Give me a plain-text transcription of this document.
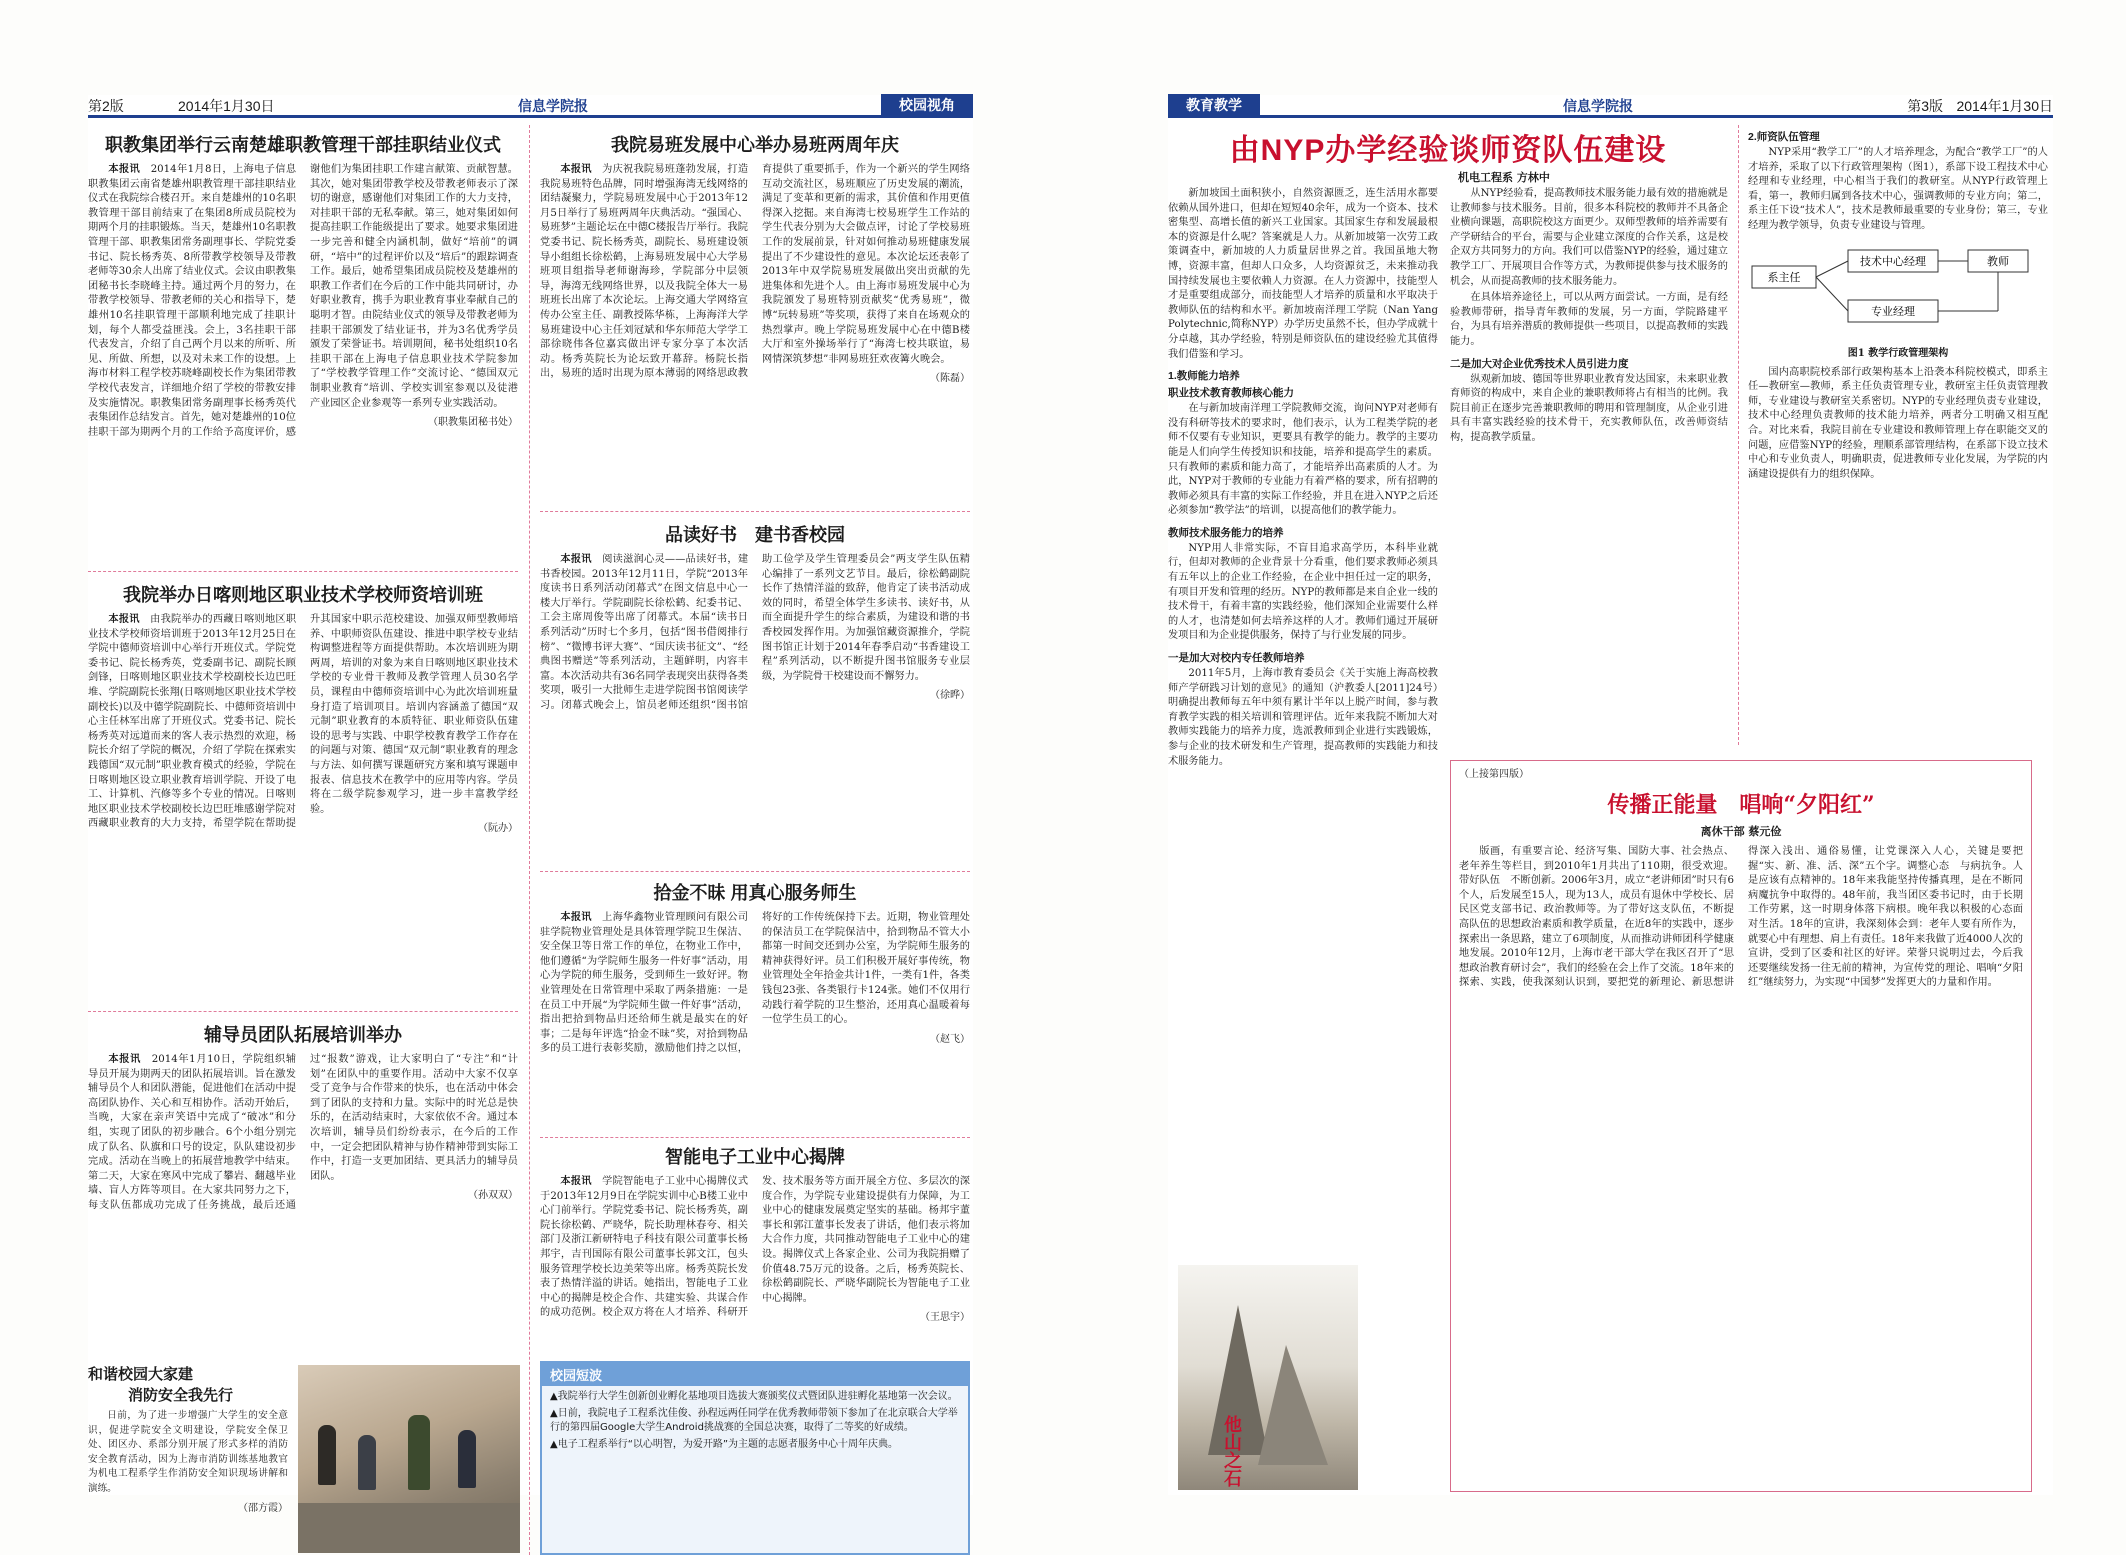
第2版	2014年1月30日	信息学院报	校园视角
职教集团举行云南楚雄职教管理干部挂职结业仪式

本报讯　 2014年1月8日，上海电子信息职教集团云南省楚雄州职教管理干部挂职结业仪式在我院综合楼召开。来自楚雄州的10名职教管理干部目前结束了在集团8所成员院校为期两个月的挂职锻炼。当天，楚雄州10名职教管理干部、职教集团常务副理事长、学院党委书记、院长杨秀英、8所带教学校领导及带教老师等30余人出席了结业仪式。会议由职教集团秘书长李晓峰主持。通过两个月的努力，在带教学校领导、带教老师的关心和指导下，楚雄州10名挂职管理干部顺利地完成了挂职计划，每个人都受益匪浅。会上，3名挂职干部代表发言，介绍了自己两个月以来的所听、所见、所做、所想，以及对未来工作的设想。上海市材料工程学校苏晓峰副校长作为集团带教学校代表发言，详细地介绍了学校的带教安排及实施情况。职教集团常务副理事长杨秀英代表集团作总结发言。首先，她对楚雄州的10位挂职干部为期两个月的工作给予高度评价，感谢他们为集团挂职工作建言献策、贡献智慧。其次，她对集团带教学校及带教老师表示了深切的谢意，感谢他们对集团工作的大力支持，对挂职干部的无私奉献。第三，她对集团如何提高挂职工作能级提出了要求。她要求集团进一步完善和健全内涵机制，做好“培前”的调研，“培中”的过程评价以及“培后”的跟踪调查工作。最后，她希望集团成员院校及楚雄州的职教工作者们在今后的工作中能共同研讨，办好职业教育，携手为职业教育事业奉献自己的聪明才智。由院结业仪式的领导及带教老师为挂职干部颁发了结业证书，并为3名优秀学员颁发了荣誉证书。培训期间，秘书处组织10名挂职干部在上海电子信息职业技术学院参加了“学校教学管理工作”交流讨论、“德国双元制职业教育”培训、学校实训室参观以及徒港产业园区企业参观等一系列专业实践活动。

（职教集团秘书处）

我院举办日喀则地区职业技术学校师资培训班

本报讯　 由我院举办的西藏日喀则地区职业技术学校师资培训班于2013年12月25日在学院中德师资培训中心举行开班仪式。学院党委书记、院长杨秀英，党委副书记、副院长顾剑锋，日喀则地区职业技术学校副校长边巴旺堆、学院副院长张翔(日喀则地区职业技术学校副校长)以及中德学院副院长、中德师资培训中心主任林军出席了开班仪式。党委书记、院长杨秀英对远道而来的客人表示热烈的欢迎，杨院长介绍了学院的概况，介绍了学院在探索实践德国“双元制”职业教育模式的经验，学院在日喀则地区设立职业教育培训学院、开设了电工、计算机、汽修等多个专业的情况。日喀则地区职业技术学校副校长边巴旺堆感谢学院对西藏职业教育的大力支持，希望学院在帮助提升其国家中职示范校建设、加强双师型教师培养、中职师资队伍建设、推进中职学校专业结构调整进程等方面提供帮助。本次培训班为期两周，培训的对象为来自日喀则地区职业技术学校的专业骨干教师及教学管理人员30名学员，课程由中德师资培训中心为此次培训班量身打造了培训项目。培训内容涵盖了德国“双元制”职业教育的本质特征、职业师资队伍建设的思考与实践、中职学校教育教学工作存在的问题与对策、德国“双元制”职业教育的理念与方法、如何撰写课题研究方案和填写课题申报表、信息技术在教学中的应用等内容。学员将在二级学院参观学习，进一步丰富教学经验。

（阮办）

辅导员团队拓展培训举办

本报讯　 2014年1月10日，学院组织辅导员开展为期两天的团队拓展培训。旨在激发辅导员个人和团队潜能，促进他们在活动中提高团队协作、关心和互相协作。活动开始后，当晚，大家在亲声笑语中完成了“破冰”和分组，实现了团队的初步融合。6个小组分别完成了队名、队旗和口号的设定，队队建设初步完成。活动在当晚上的拓展营地教学中结束。第二天，大家在寒风中完成了攀岩、翻越毕业墙、盲人方阵等项目。在大家共同努力之下，每支队伍都成功完成了任务挑战，最后还通过“报数”游戏，让大家明白了“专注”和“计划”在团队中的重要作用。活动中大家不仅享受了竞争与合作带来的快乐，也在活动中体会到了团队的支持和力量。实际中的时光总是快乐的，在活动结束时，大家依依不舍。通过本次培训，辅导员们纷纷表示，在今后的工作中，一定会把团队精神与协作精神带到实际工作中，打造一支更加团结、更具活力的辅导员团队。

（孙双双）

和谐校园大家建
消防安全我先行

日前，为了进一步增强广大学生的安全意识，促进学院安全文明建设，学院安全保卫处、团区办、系部分别开展了形式多样的消防安全教育活动，因为上海市消防训练基地教官为机电工程系学生作消防安全知识现场讲解和演练。

（邵方霞）

我院易班发展中心举办易班两周年庆

本报讯　 为庆祝我院易班蓬勃发展，打造我院易班特色品牌，同时增强海湾无线网络的团结凝聚力，学院易班发展中心于2013年12月5日举行了易班两周年庆典活动。“强国心、易班梦”主题论坛在中德C楼报告厅举行。我院党委书记、院长杨秀英，副院长、易班建设领导小组组长徐松鹤，上海易班发展中心大学易班项目组指导老师谢海珍，学院部分中层领导，海湾无线网络世界，以及我院全体大一易班班长出席了本次论坛。上海交通大学网络宣传办公室主任、副教授陈华栋，上海海洋大学易班建设中心主任刘冠斌和华东师范大学学工部徐晓伟各位嘉宾做出评专家分享了本次活动。杨秀英院长为论坛致开幕辞。杨院长指出，易班的适时出现为原本薄弱的网络思政教育提供了重要抓手，作为一个新兴的学生网络互动交流社区，易班顺应了历史发展的潮流，满足了变革和更新的需求，其价值和作用更值得深入挖掘。来自海湾七校易班学生工作站的学生代表分别为大会做点评，讨论了学校易班工作的发展前景，针对如何推动易班健康发展提出了不少建设性的意见。本次论坛还表彰了2013年中双学院易班发展做出突出贡献的先进集体和先进个人。由上海市易班发展中心为我院颁发了易班特别贡献奖“优秀易班”，微博“玩转易班”等奖项，获得了来自在场观众的热烈掌声。晚上学院易班发展中心在中德B楼大厅和室外操场举行了“海湾七校共联谊，易网情深筑梦想”非网易班狂欢夜篝火晚会。

（陈磊）

品读好书　建书香校园

本报讯　 阅读滋润心灵——品读好书，建书香校园。2013年12月11日，学院“2013年度读书日系列活动闭幕式”在图文信息中心一楼大厅举行。学院副院长徐松鹤、纪委书记、工会主席周俊等出席了闭幕式。本届“读书日系列活动”历时七个多月，包括“图书借阅排行榜”、“微博书评大赛”、“国庆读书征文”、“经典图书赠送”等系列活动，主题鲜明，内容丰富。本次活动共有36名同学表现突出获得各类奖项，吸引一大批师生走进学院图书馆阅读学习。闭幕式晚会上，馆员老师还组织“图书馆助工俭学及学生管理委员会”两支学生队伍精心编排了一系列文艺节目。最后，徐松鹤副院长作了热情洋溢的致辞，他肯定了读书活动成效的同时，希望全体学生多读书、读好书，从而全面提升学生的综合素质，为建设和谐的书香校园发挥作用。为加强馆藏资源推介，学院图书馆正计划于2014年春季启动“书香建设工程”系列活动，以不断提升图书馆服务专业层级，为学院骨干校建设而不懈努力。

（徐晔）

拾金不昧 用真心服务师生

本报讯　 上海华鑫物业管理顾问有限公司驻学院物业管理处是具体管理学院卫生保洁、安全保卫等日常工作的单位，在物业工作中，他们遵循“为学院师生服务一件好事”活动，用心为学院的师生服务，受到师生一致好评。物业管理处在日常管理中采取了两条措施：一是在员工中开展“为学院师生做一件好事”活动，指出把拾到物品归还给师生就是最实在的好事；二是每年评选“拾金不昧”奖，对拾到物品多的员工进行表彰奖励，激励他们持之以恒，将好的工作传统保持下去。近期，物业管理处的保洁员工在学院保洁中，拾到物品不管大小都第一时间交还到办公室，为学院师生服务的精神获得好评。员工们积极开展好事传统，物业管理处全年拾金共计1件，一类有1件，各类钱包23张、各类银行卡124张。她们不仅用行动践行着学院的卫生整治，还用真心温暖着每一位学生员工的心。

（赵飞）

智能电子工业中心揭牌

本报讯　 学院智能电子工业中心揭牌仪式于2013年12月9日在学院实训中心B楼工业中心门前举行。学院党委书记、院长杨秀英，副院长徐松鹤、严晓华，院长助理林春夸、相关部门及浙江新研特电子科技有限公司董事长杨邦宇，吉刊国际有限公司董事长郭文江，包头服务管理学校长边美荣等出席。杨秀英院长发表了热情洋溢的讲话。她指出，智能电子工业中心的揭牌是校企合作、共建实验、共谋合作的成功范例。校企双方将在人才培养、科研开发、技术服务等方面开展全方位、多层次的深度合作，为学院专业建设提供有力保障，为工业中心的健康发展奠定坚实的基础。杨邦宇董事长和郭江董事长发表了讲话，他们表示将加大合作力度，共同推动智能电子工业中心的建设。揭牌仪式上各家企业、公司为我院捐赠了价值48.75万元的设备。之后，杨秀英院长、徐松鹤副院长、严晓华副院长为智能电子工业中心揭牌。

（王思宇）

校园短波

▲我院举行大学生创新创业孵化基地项目选拔大赛颁奖仪式暨团队进驻孵化基地第一次会议。

▲日前，我院电子工程系沈佳俊、孙程远两任同学在优秀教师带领下参加了在北京联合大学举行的第四届Google大学生Android挑战赛的全国总决赛，取得了二等奖的好成绩。

▲电子工程系举行“以心明智，为爱开路”为主题的志愿者服务中心十周年庆典。

教育教学	信息学院报	第3版 2014年1月30日
由NYP办学经验谈师资队伍建设
机电工程系 方林中

新加坡国土面积狭小，自然资源匮乏，连生活用水都要依赖从国外进口，但却在短短40余年，成为一个资本、技术密集型、高增长值的新兴工业国家。其国家生存和发展最根本的资源是什么呢？答案就是人力。从新加坡第一次劳工政策调查中，新加坡的人力质量居世界之首。我国虽地大物博，资源丰富，但却人口众多，人均资源贫乏，未来推动我国持续发展也主要依赖人力资源。在人力资源中，技能型人才是重要组成部分，而技能型人才培养的质量和水平取决于教师队伍的结构和水平。新加坡南洋理工学院（Nan Yang Polytechnic,简称NYP）办学历史虽然不长，但办学成就十分卓越，其办学经验，特别是师资队伍的建设经验尤其值得我们借鉴和学习。

1.教师能力培养
职业技术教育教师核心能力

在与新加坡南洋理工学院教师交流，询问NYP对老师有没有科研等技术的要求时，他们表示，认为工程类学院的老师不仅要有专业知识，更要具有教学的能力。教学的主要功能是人们向学生传授知识和技能，培养和提高学生的素质。只有教师的素质和能力高了，才能培养出高素质的人才。为此，NYP对于教师的专业能力有着严格的要求，所有招聘的教师必须具有丰富的实际工作经验，并且在进入NYP之后还必须参加“教学法”的培训，以提高他们的教学能力。

教师技术服务能力的培养

NYP用人非常实际，不盲目追求高学历，本科毕业就行，但却对教师的企业背景十分看重，他们要求教师必须具有五年以上的企业工作经验，在企业中担任过一定的职务，有项目开发和管理的经历。NYP的教师都是来自企业一线的技术骨干，有着丰富的实践经验，他们深知企业需要什么样的人才，也清楚如何去培养这样的人才。教师们通过开展研发项目和为企业提供服务，保持了与行业发展的同步。

一是加大对校内专任教师培养

2011年5月，上海市教育委员会《关于实施上海高校教师产学研践习计划的意见》的通知（沪教委人[2011]24号）明确提出教师每五年中须有累计半年以上脱产时间，参与教育教学实践的相关培训和管理评估。近年来我院不断加大对教师实践能力的培养力度，选派教师到企业进行实践锻炼，参与企业的技术研发和生产管理，提高教师的实践能力和技术服务能力。

从NYP经验看，提高教师技术服务能力最有效的措施就是让教师参与技术服务。目前，很多本科院校的教师并不具备企业横向课题，高职院校这方面更少。双师型教师的培养需要有产学研结合的平台，需要与企业建立深度的合作关系，这是校企双方共同努力的方向。我们可以借鉴NYP的经验，通过建立教学工厂、开展项目合作等方式，为教师提供参与技术服务的机会，从而提高教师的技术服务能力。

在具体培养途径上，可以从两方面尝试。一方面，是有经验教师带研，指导青年教师的发展，另一方面，学院路建平台，为具有培养潜质的教师提供一些项目，以提高教师的实践能力。

二是加大对企业优秀技术人员引进力度

纵观新加坡、德国等世界职业教育发达国家，未来职业教育师资的构成中，来自企业的兼职教师将占有相当的比例。我院目前正在逐步完善兼职教师的聘用和管理制度，从企业引进具有丰富实践经验的技术骨干，充实教师队伍，改善师资结构，提高教学质量。

他山之石
（上接第四版）
传播正能量　唱响“夕阳红”
离休干部 蔡元俭

版画，有重要言论、经济写集、国防大事、社会热点、老年养生等栏目，到2010年1月共出了110期，很受欢迎。带好队伍　不断创新。2006年3月，成立“老讲师团”时只有6个人，后发展至15人，现为13人，成员有退休中学校长、居民区党支部书记、政治教师等。为了带好这支队伍，不断提高队伍的思想政治素质和教学质量，在近8年的实践中，逐步探索出一条思路，建立了6项制度，从而推动讲师团科学健康地发展。2010年12月，上海市老干部大学在我区召开了“思想政治教育研讨会”，我们的经验在会上作了交流。18年来的探索、实践，使我深刻认识到，要把党的新理论、新思想讲得深入浅出、通俗易懂，让党课深入人心，关键是要把握“实、新、准、活、深”五个字。调整心态　与病抗争。人是应该有点精神的。18年来我能坚持传播真理，是在不断同病魔抗争中取得的。48年前，我当团区委书记时，由于长期工作劳累，这一时期身体落下病根。晚年我以积极的心态面对生活。18年的宣讲，我深刻体会到：老年人要有所作为，就要心中有理想、肩上有责任。18年来我做了近4000人次的宣讲，受到了区委和社区的好评。荣誉只说明过去，今后我还要继续发扬一往无前的精神，为宣传党的理论、唱响“夕阳红”继续努力，为实现“中国梦”发挥更大的力量和作用。

2.师资队伍管理

NYP采用“教学工厂”的人才培养理念，为配合“教学工厂”的人才培养，采取了以下行政管理架构（图1），系部下设工程技术中心经理和专业经理，中心相当于我们的教研室。从NYP行政管理上看，第一，教师归属到各技术中心，强调教师的专业方向；第二，系主任下设“技术人”，技术是教师最重要的专业身份；第三，专业经理为教学领导，负责专业建设与管理。

系主任
技术中心经理	教师
专业经理
图1 教学行政管理架构

国内高职院校系部行政架构基本上沿袭本科院校模式，即系主任—教研室—教师，系主任负责管理专业，教研室主任负责管理教师，专业建设与教研室关系密切。NYP的专业经理负责专业建设，技术中心经理负责教师的技术能力培养，两者分工明确又相互配合。对比来看，我院目前在专业建设和教师管理上存在职能交叉的问题，应借鉴NYP的经验，理顺系部管理结构，在系部下设立技术中心和专业负责人，明确职责，促进教师专业化发展，为学院的内涵建设提供有力的组织保障。
